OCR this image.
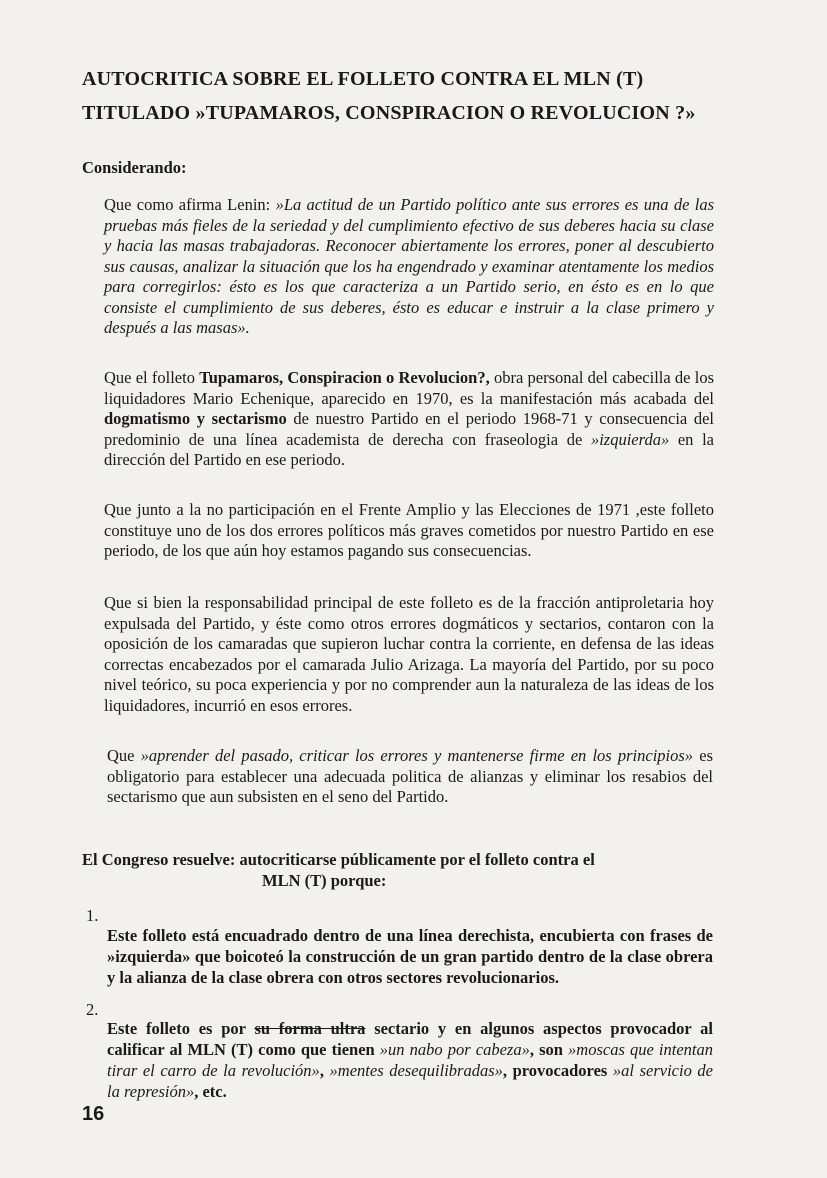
AUTOCRITICA SOBRE EL FOLLETO CONTRA EL MLN (T)
TITULADO »TUPAMAROS, CONSPIRACION O REVOLUCION ?»
Considerando:
Que como afirma Lenin: »La actitud de un Partido político ante sus errores es una de las pruebas más fieles de la seriedad y del cumplimiento efectivo de sus deberes hacia su clase y hacia las masas trabajadoras. Reconocer abiertamente los errores, poner al descubierto sus causas, analizar la situación que los ha engendrado y examinar atentamente los medios para corregirlos: ésto es los que caracteriza a un Partido serio, en ésto es en lo que consiste el cumplimiento de sus deberes, ésto es educar e instruir a la clase primero y después a las masas».
Que el folleto Tupamaros, Conspiracion o Revolucion?, obra personal del cabecilla de los liquidadores Mario Echenique, aparecido en 1970, es la manifestación más acabada del dogmatismo y sectarismo de nuestro Partido en el periodo 1968-71 y consecuencia del predominio de una línea academista de derecha con fraseologia de »izquierda» en la dirección del Partido en ese periodo.
Que junto a la no participación en el Frente Amplio y las Elecciones de 1971 ,este folleto constituye uno de los dos errores políticos más graves cometidos por nuestro Partido en ese periodo, de los que aún hoy estamos pagando sus consecuencias.
Que si bien la responsabilidad principal de este folleto es de la fracción antiproletaria hoy expulsada del Partido, y éste como otros errores dogmáticos y sectarios, contaron con la oposición de los camaradas que supieron luchar contra la corriente, en defensa de las ideas correctas encabezados por el camarada Julio Arizaga. La mayoría del Partido, por su poco nivel teórico, su poca experiencia y por no comprender aun la naturaleza de las ideas de los liquidadores, incurrió en esos errores.
Que »aprender del pasado, criticar los errores y mantenerse firme en los principios» es obligatorio para establecer una adecuada politica de alianzas y eliminar los resabios del sectarismo que aun subsisten en el seno del Partido.
El Congreso resuelve: autocriticarse públicamente por el folleto contra el
MLN (T) porque:
1.
Este folleto está encuadrado dentro de una línea derechista, encubierta con frases de »izquierda» que boicoteó la construcción de un gran partido dentro de la clase obrera y la alianza de la clase obrera con otros sectores revolucionarios.
2.
Este folleto es por su forma ultra sectario y en algunos aspectos provocador al calificar al MLN (T) como que tienen »un nabo por cabeza», son »moscas que intentan tirar el carro de la revolución», »mentes desequilibradas», provocadores »al servicio de la represión», etc.
16
